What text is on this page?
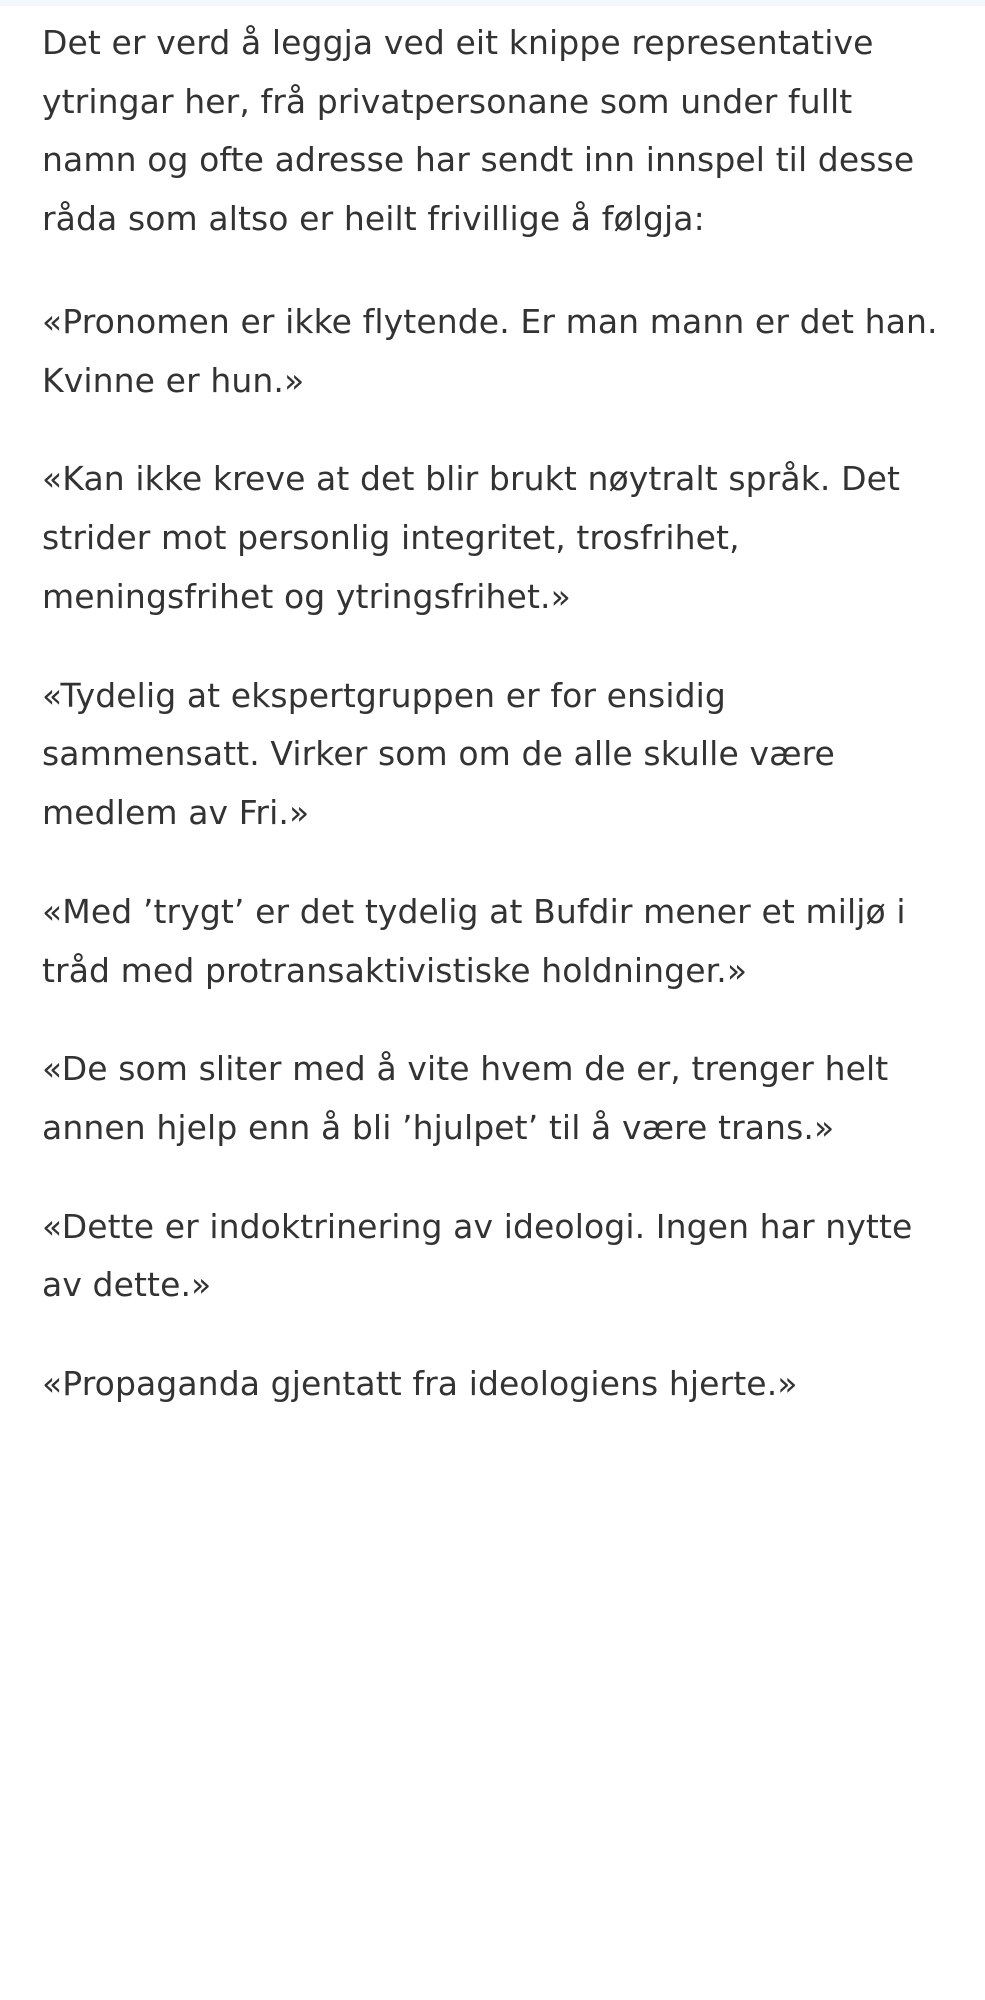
Det er verd å leggja ved eit knippe representative ytringar her, frå privatpersonane som under fullt namn og ofte adresse har sendt inn innspel til desse råda som altso er heilt frivillige å følgja:

«Pronomen er ikke flytende. Er man mann er det han. Kvinne er hun.»

«Kan ikke kreve at det blir brukt nøytralt språk. Det strider mot personlig integritet, trosfrihet, meningsfrihet og ytringsfrihet.»

«Tydelig at ekspertgruppen er for ensidig sammensatt. Virker som om de alle skulle være medlem av Fri.»

«Med ’trygt’ er det tydelig at Bufdir mener et miljø i tråd med protransaktivistiske holdninger.»

«De som sliter med å vite hvem de er, trenger helt annen hjelp enn å bli ’hjulpet’ til å være trans.»

«Dette er indoktrinering av ideologi. Ingen har nytte av dette.»

«Propaganda gjentatt fra ideologiens hjerte.»
